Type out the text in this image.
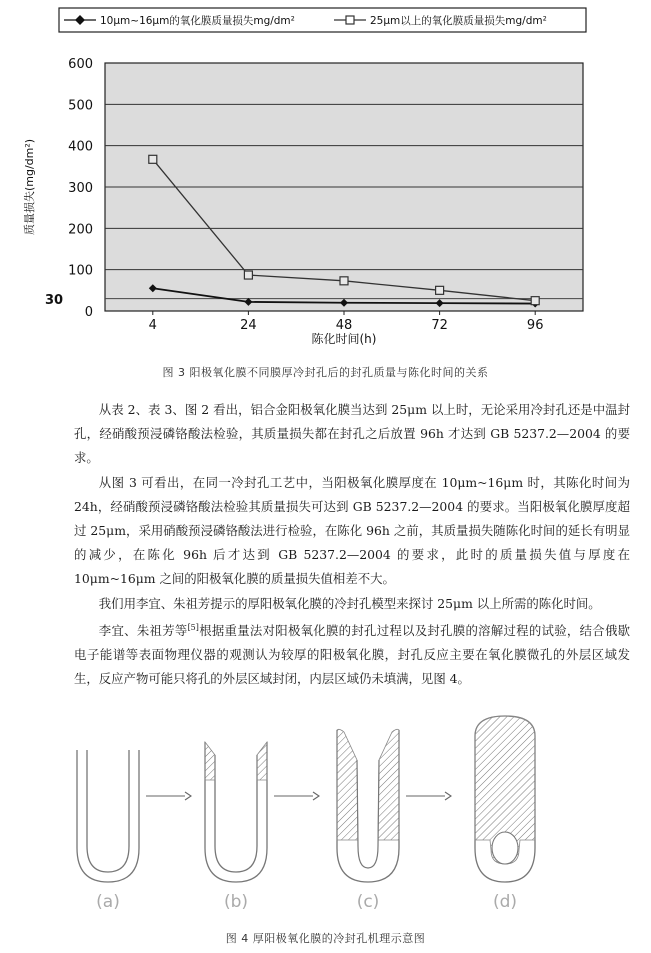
10μm~16μm的氧化膜质量损失mg/dm²	25μm以上的氧化膜质量损失mg/dm²
0
100
200
300
400
500
600
4	24	48	72	96
30
陈化时间(h)
质量损失(mg/dm²)
图 3 阳极氧化膜不同膜厚冷封孔后的封孔质量与陈化时间的关系

从表 2、表 3、图 2 看出，铝合金阳极氧化膜当达到 25μm 以上时，无论采用冷封孔还是中温封孔，经硝酸预浸磷铬酸法检验，其质量损失都在封孔之后放置 96h 才达到 GB 5237.2—2004 的要求。

从图 3 可看出，在同一冷封孔工艺中，当阳极氧化膜厚度在 10μm~16μm 时，其陈化时间为 24h，经硝酸预浸磷铬酸法检验其质量损失可达到 GB 5237.2—2004 的要求。当阳极氧化膜厚度超过 25μm，采用硝酸预浸磷铬酸法进行检验，在陈化 96h 之前，其质量损失随陈化时间的延长有明显的减少，在陈化 96h 后才达到 GB 5237.2—2004 的要求，此时的质量损失值与厚度在 10μm~16μm 之间的阳极氧化膜的质量损失值相差不大。

我们用李宜、朱祖芳提示的厚阳极氧化膜的冷封孔模型来探讨 25μm 以上所需的陈化时间。

李宜、朱祖芳等[5]根据重量法对阳极氧化膜的封孔过程以及封孔膜的溶解过程的试验，结合俄歇电子能谱等表面物理仪器的观测认为较厚的阳极氧化膜，封孔反应主要在氧化膜微孔的外层区域发生，反应产物可能只将孔的外层区域封闭，内层区域仍未填满，见图 4。

(a)	(b)	(c)	(d)
图 4 厚阳极氧化膜的冷封孔机理示意图
